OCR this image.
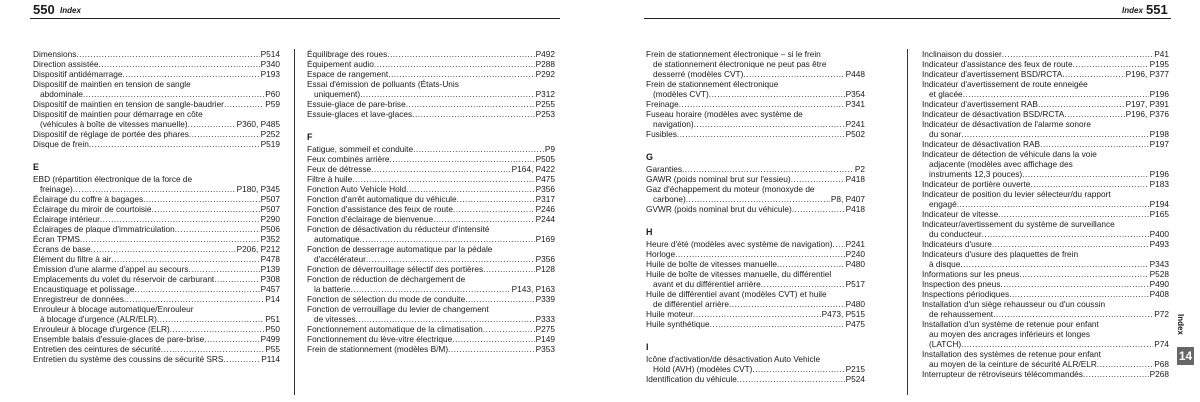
550 Index	Index 551
Dimensions .....	P514
Direction assistée .....	P340
Dispositif antidémarrage .....	P193
Dispositif de maintien en tension de sangle
abdominale .....	P60
Dispositif de maintien en tension de sangle-baudrier .....	P59
Dispositif de maintien pour démarrage en côte
(véhicules à boîte de vitesses manuelle) .....	P360, P485
Dispositif de réglage de portée des phares .....	P252
Disque de frein .....	P519
E
EBD (répartition électronique de la force de
freinage) .....	P180, P345
Éclairage du coffre à bagages .....	P507
Éclairage du miroir de courtoisie .....	P507
Éclairage intérieur .....	P290
Éclairages de plaque d'immatriculation .....	P506
Écran TPMS .....	P352
Écrans de base .....	P206, P212
Élément du filtre à air .....	P478
Émission d'une alarme d'appel au secours .....	P139
Emplacements du volet du réservoir de carburant .....	P308
Encaustiquage et polissage .....	P457
Enregistreur de données .....	P14
Enrouleur à blocage automatique/Enrouleur
à blocage d'urgence (ALR/ELR) .....	P51
Enrouleur à blocage d'urgence (ELR) .....	P50
Ensemble balais d'essuie-glaces de pare-brise .....	P499
Entretien des ceintures de sécurité .....	P55
Entretien du système des coussins de sécurité SRS .....	P114
Équilibrage des roues .....	P492
Équipement audio .....	P288
Espace de rangement .....	P292
Essai d'émission de polluants (États-Unis
uniquement) .....	P312
Essuie-glace de pare-brise .....	P255
Essuie-glaces et lave-glaces .....	P253
F
Fatigue, sommeil et conduite .....	P9
Feux combinés arrière .....	P505
Feux de détresse .....	P164, P422
Filtre à huile .....	P475
Fonction Auto Vehicle Hold .....	P356
Fonction d'arrêt automatique du véhicule .....	P317
Fonction d'assistance des feux de route .....	P246
Fonction d'éclairage de bienvenue .....	P244
Fonction de désactivation du réducteur d'intensité
automatique .....	P169
Fonction de desserrage automatique par la pédale
d'accélérateur .....	P356
Fonction de déverrouillage sélectif des portières .....	P128
Fonction de réduction de déchargement de
la batterie .....	P143, P163
Fonction de sélection du mode de conduite .....	P339
Fonction de verrouillage du levier de changement
de vitesses .....	P333
Fonctionnement automatique de la climatisation .....	P275
Fonctionnement du lève-vitre électrique .....	P149
Frein de stationnement (modèles B/M) .....	P353
Frein de stationnement électronique – si le frein
de stationnement électronique ne peut pas être
desserré (modèles CVT) .....	P448
Frein de stationnement électronique
(modèles CVT) .....	P354
Freinage .....	P341
Fuseau horaire (modèles avec système de
navigation) .....	P241
Fusibles .....	P502
G
Garanties .....	P2
GAWR (poids nominal brut sur l'essieu) .....	P418
Gaz d'échappement du moteur (monoxyde de
carbone) .....	P8, P407
GVWR (poids nominal brut du véhicule) .....	P418
H
Heure d'été (modèles avec système de navigation) ..... P241
Horloge .....	P240
Huile de boîte de vitesses manuelle .....	P480
Huile de boîte de vitesses manuelle, du différentiel
avant et du différentiel arrière .....	P517
Huile de différentiel avant (modèles CVT) et huile
de différentiel arrière .....	P480
Huile moteur .....	P473, P515
Huile synthétique .....	P475
I
Icône d'activation/de désactivation Auto Vehicle
Hold (AVH) (modèles CVT) .....	P215
Identification du véhicule .....	P524
Inclinaison du dossier .....	P41
Indicateur d'assistance des feux de route .....	P195
Indicateur d'avertissement BSD/RCTA .....	P196, P377
Indicateur d'avertissement de route enneigée
et glacée .....	P196
Indicateur d'avertissement RAB .....	P197, P391
Indicateur de désactivation BSD/RCTA .....	P196, P376
Indicateur de désactivation de l'alarme sonore
du sonar .....	P198
Indicateur de désactivation RAB .....	P197
Indicateur de détection de véhicule dans la voie
adjacente (modèles avec affichage des
instruments 12,3 pouces) .....	P196
Indicateur de portière ouverte .....	P183
Indicateur de position du levier sélecteur/du rapport
engagé .....	P194
Indicateur de vitesse .....	P165
Indicateur/avertissement du système de surveillance
du conducteur .....	P400
Indicateurs d'usure .....	P493
Indicateurs d'usure des plaquettes de frein
à disque .....	P343
Informations sur les pneus .....	P528
Inspection des pneus .....	P490
Inspections périodiques .....	P408
Installation d'un siège rehausseur ou d'un coussin
de rehaussement .....	P72
Installation d'un système de retenue pour enfant
au moyen des ancrages inférieurs et longes
(LATCH) .....	P74
Installation des systèmes de retenue pour enfant
au moyen de la ceinture de sécurité ALR/ELR .....	P68
Interrupteur de rétroviseurs télécommandés .....	P268
Index
14
